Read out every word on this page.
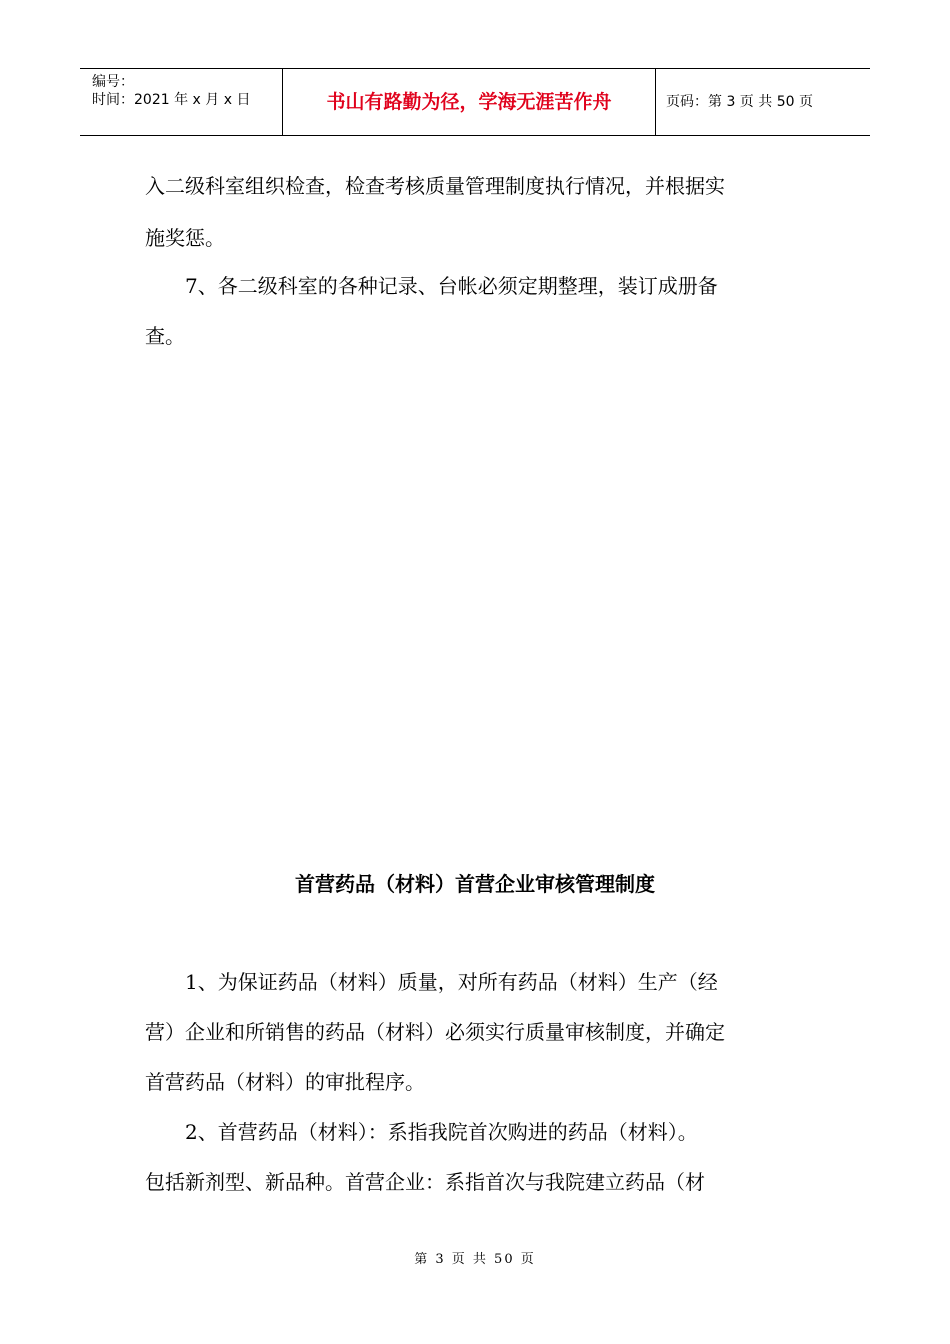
编号：
时间：2021 年 x 月 x 日	书山有路勤为径，学海无涯苦作舟	页码：第 3 页 共 50 页
入二级科室组织检查，检查考核质量管理制度执行情况，并根据实
施奖惩。
　　7、各二级科室的各种记录、台帐必须定期整理，装订成册备
查。
首营药品（材料）首营企业审核管理制度
　　1、为保证药品（材料）质量，对所有药品（材料）生产（经
营）企业和所销售的药品（材料）必须实行质量审核制度，并确定
首营药品（材料）的审批程序。
　　2、首营药品（材料）：系指我院首次购进的药品（材料）。
包括新剂型、新品种。首营企业：系指首次与我院建立药品（材
第 3 页 共 50 页
